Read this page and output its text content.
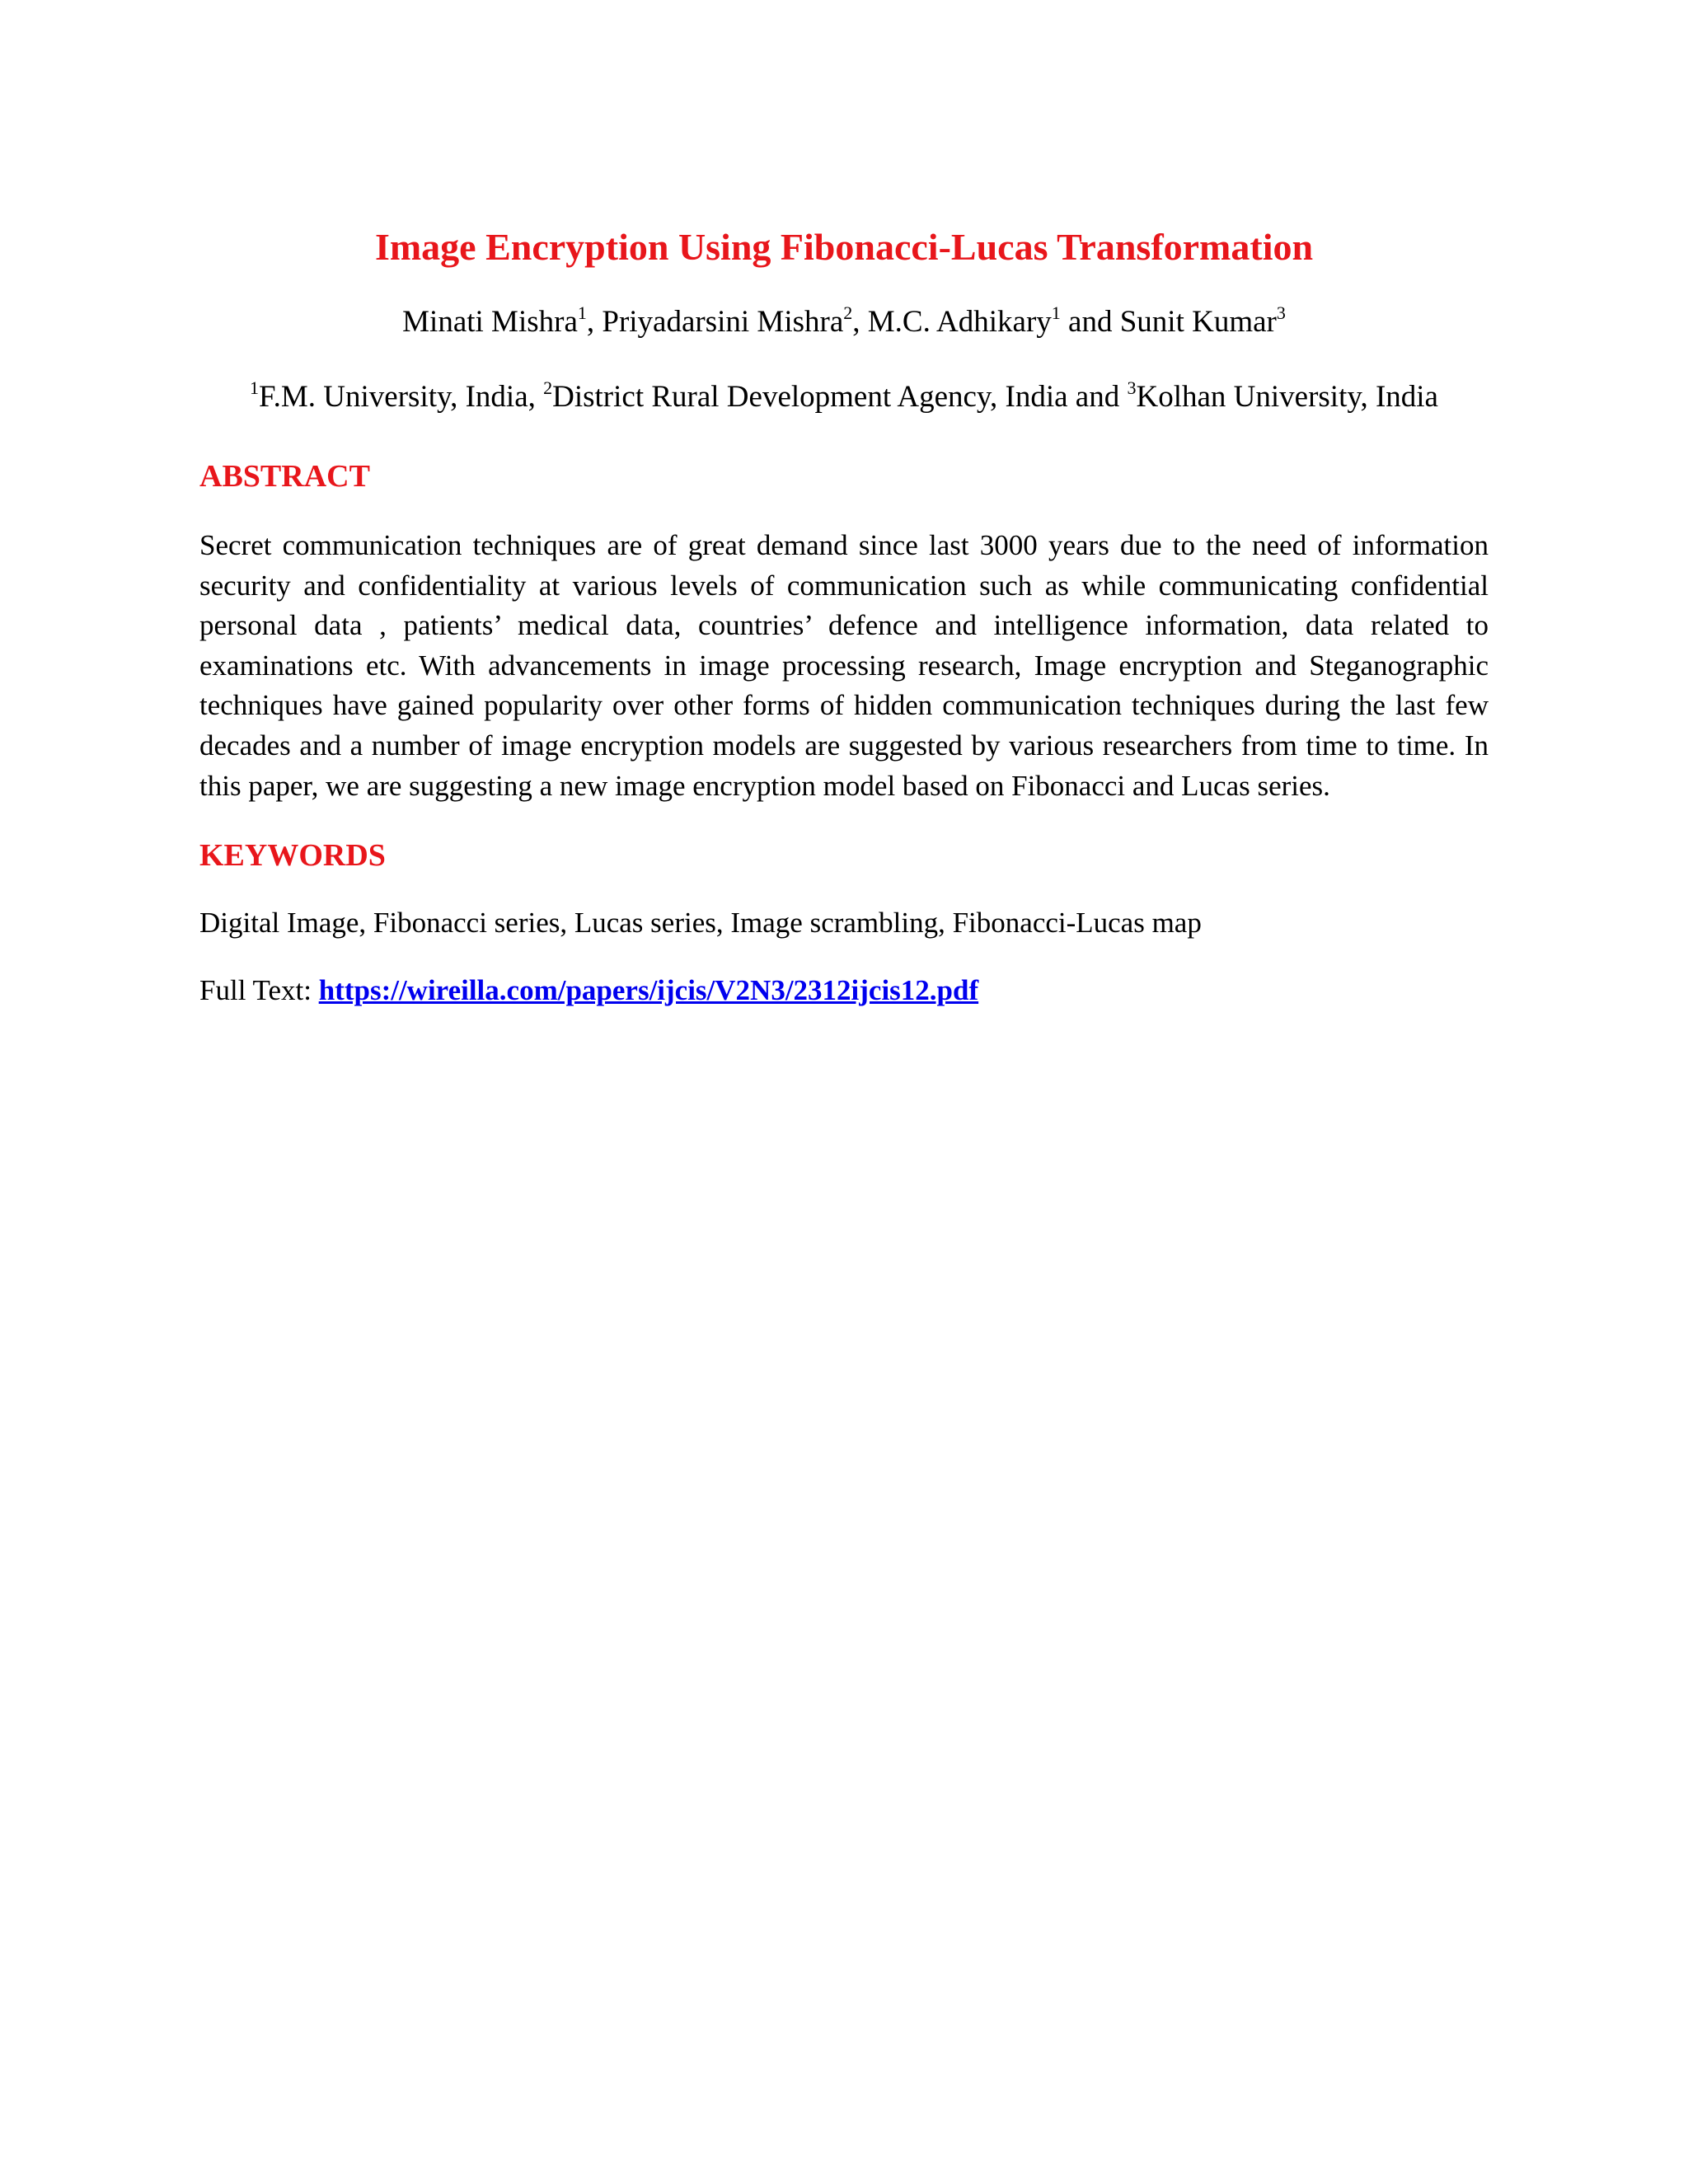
Image Encryption Using Fibonacci-Lucas Transformation
Minati Mishra$^1$, Priyadarsini Mishra$^2$, M.C. Adhikary$^1$ and Sunit Kumar$^3$
$^1$F.M. University, India, $^2$District Rural Development Agency, India and $^3$Kolhan University, India
ABSTRACT
Secret communication techniques are of great demand since last 3000 years due to the need of information security and confidentiality at various levels of communication such as while communicating confidential personal data , patients’ medical data, countries’ defence and intelligence information, data related to examinations etc. With advancements in image processing research, Image encryption and Steganographic techniques have gained popularity over other forms of hidden communication techniques during the last few decades and a number of image encryption models are suggested by various researchers from time to time. In this paper, we are suggesting a new image encryption model based on Fibonacci and Lucas series.
KEYWORDS
Digital Image, Fibonacci series, Lucas series, Image scrambling, Fibonacci-Lucas map
Full Text: https://wireilla.com/papers/ijcis/V2N3/2312ijcis12.pdf
